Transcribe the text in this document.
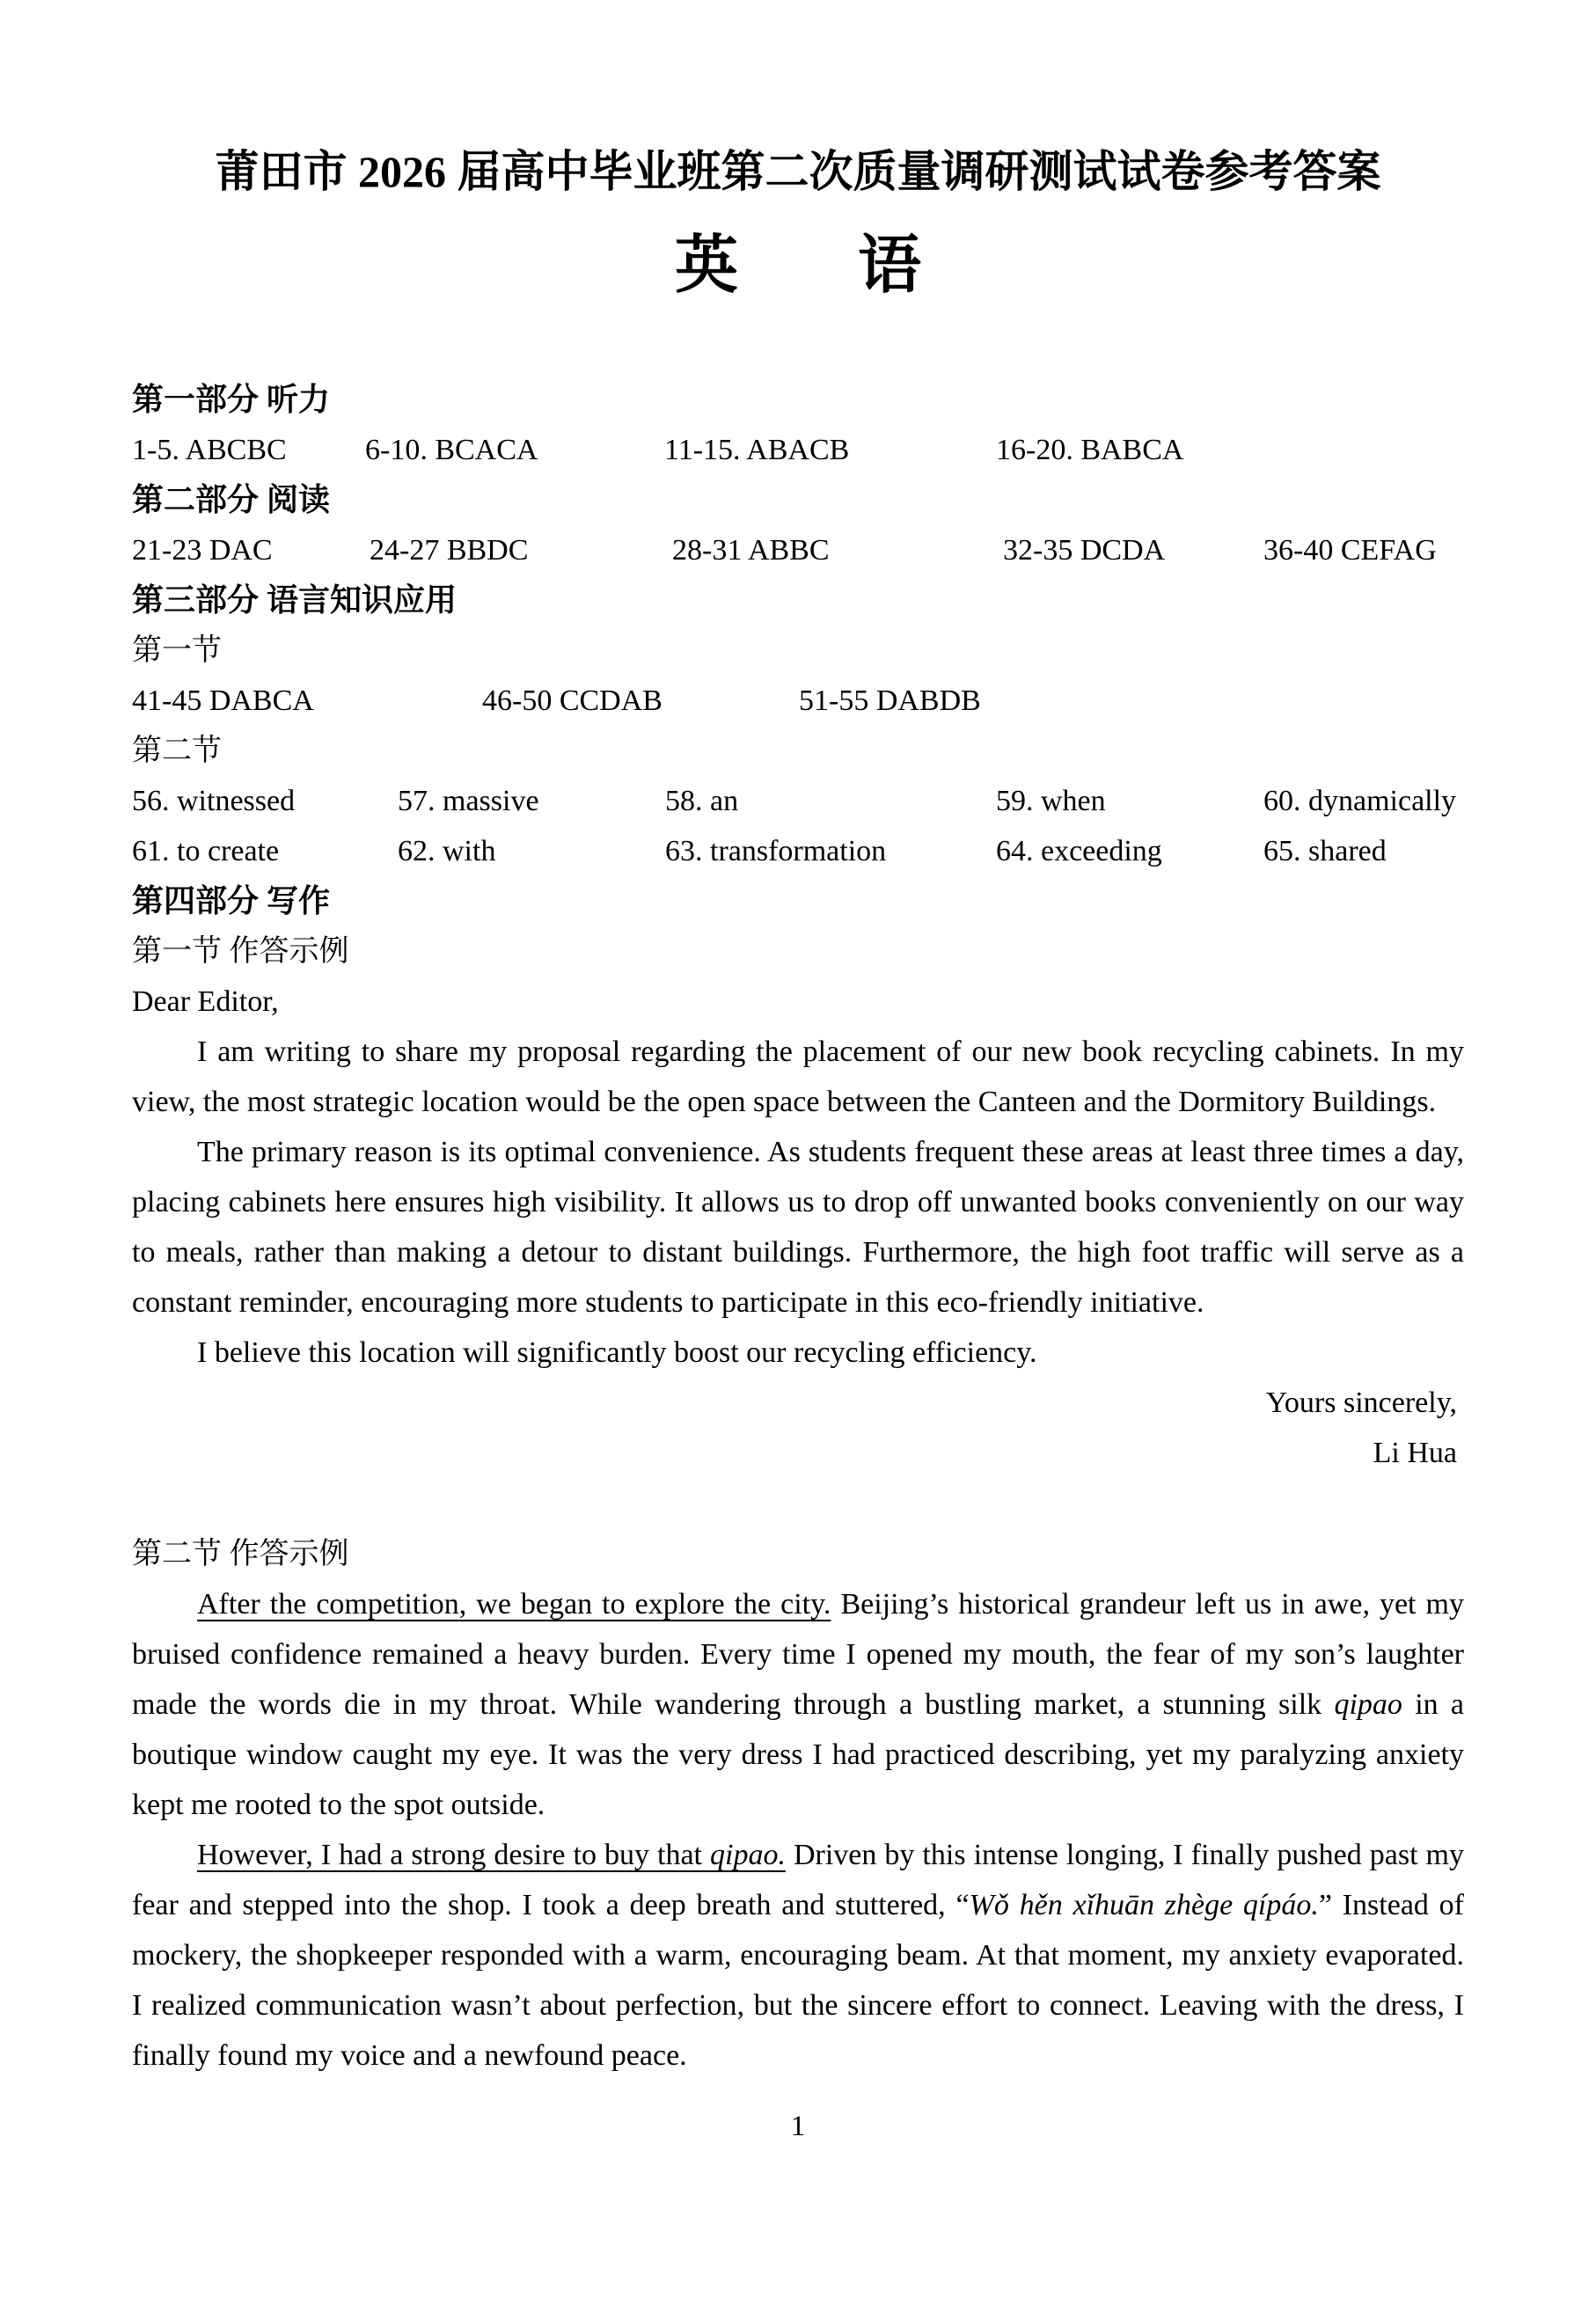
莆田市 2026 届高中毕业班第二次质量调研测试试卷参考答案
英 语

第一部分 听力

1-5. ABCBC	6-10. BCACA	11-15. ABACB	16-20. BABCA

第二部分 阅读

21-23 DAC	24-27 BBDC	28-31 ABBC	32-35 DCDA	36-40 CEFAG

第三部分 语言知识应用

第一节

41-45 DABCA	46-50 CCDAB	51-55 DABDB

第二节

56. witnessed	57. massive	58. an	59. when	60. dynamically
61. to create	62. with	63. transformation	64. exceeding	65. shared

第四部分 写作

第一节 作答示例

Dear Editor,

I am writing to share my proposal regarding the placement of our new book recycling cabinets. In my view, the most strategic location would be the open space between the Canteen and the Dormitory Buildings.

The primary reason is its optimal convenience. As students frequent these areas at least three times a day, placing cabinets here ensures high visibility. It allows us to drop off unwanted books conveniently on our way to meals, rather than making a detour to distant buildings. Furthermore, the high foot traffic will serve as a constant reminder, encouraging more students to participate in this eco-friendly initiative.

I believe this location will significantly boost our recycling efficiency.

Yours sincerely,

Li Hua

第二节 作答示例

After the competition, we began to explore the city. Beijing’s historical grandeur left us in awe, yet my bruised confidence remained a heavy burden. Every time I opened my mouth, the fear of my son’s laughter made the words die in my throat. While wandering through a bustling market, a stunning silk qipao in a boutique window caught my eye. It was the very dress I had practiced describing, yet my paralyzing anxiety kept me rooted to the spot outside.

However, I had a strong desire to buy that qipao. Driven by this intense longing, I finally pushed past my fear and stepped into the shop. I took a deep breath and stuttered, “Wǒ hěn xǐhuān zhège qípáo.” Instead of mockery, the shopkeeper responded with a warm, encouraging beam. At that moment, my anxiety evaporated. I realized communication wasn’t about perfection, but the sincere effort to connect. Leaving with the dress, I finally found my voice and a newfound peace.

1
